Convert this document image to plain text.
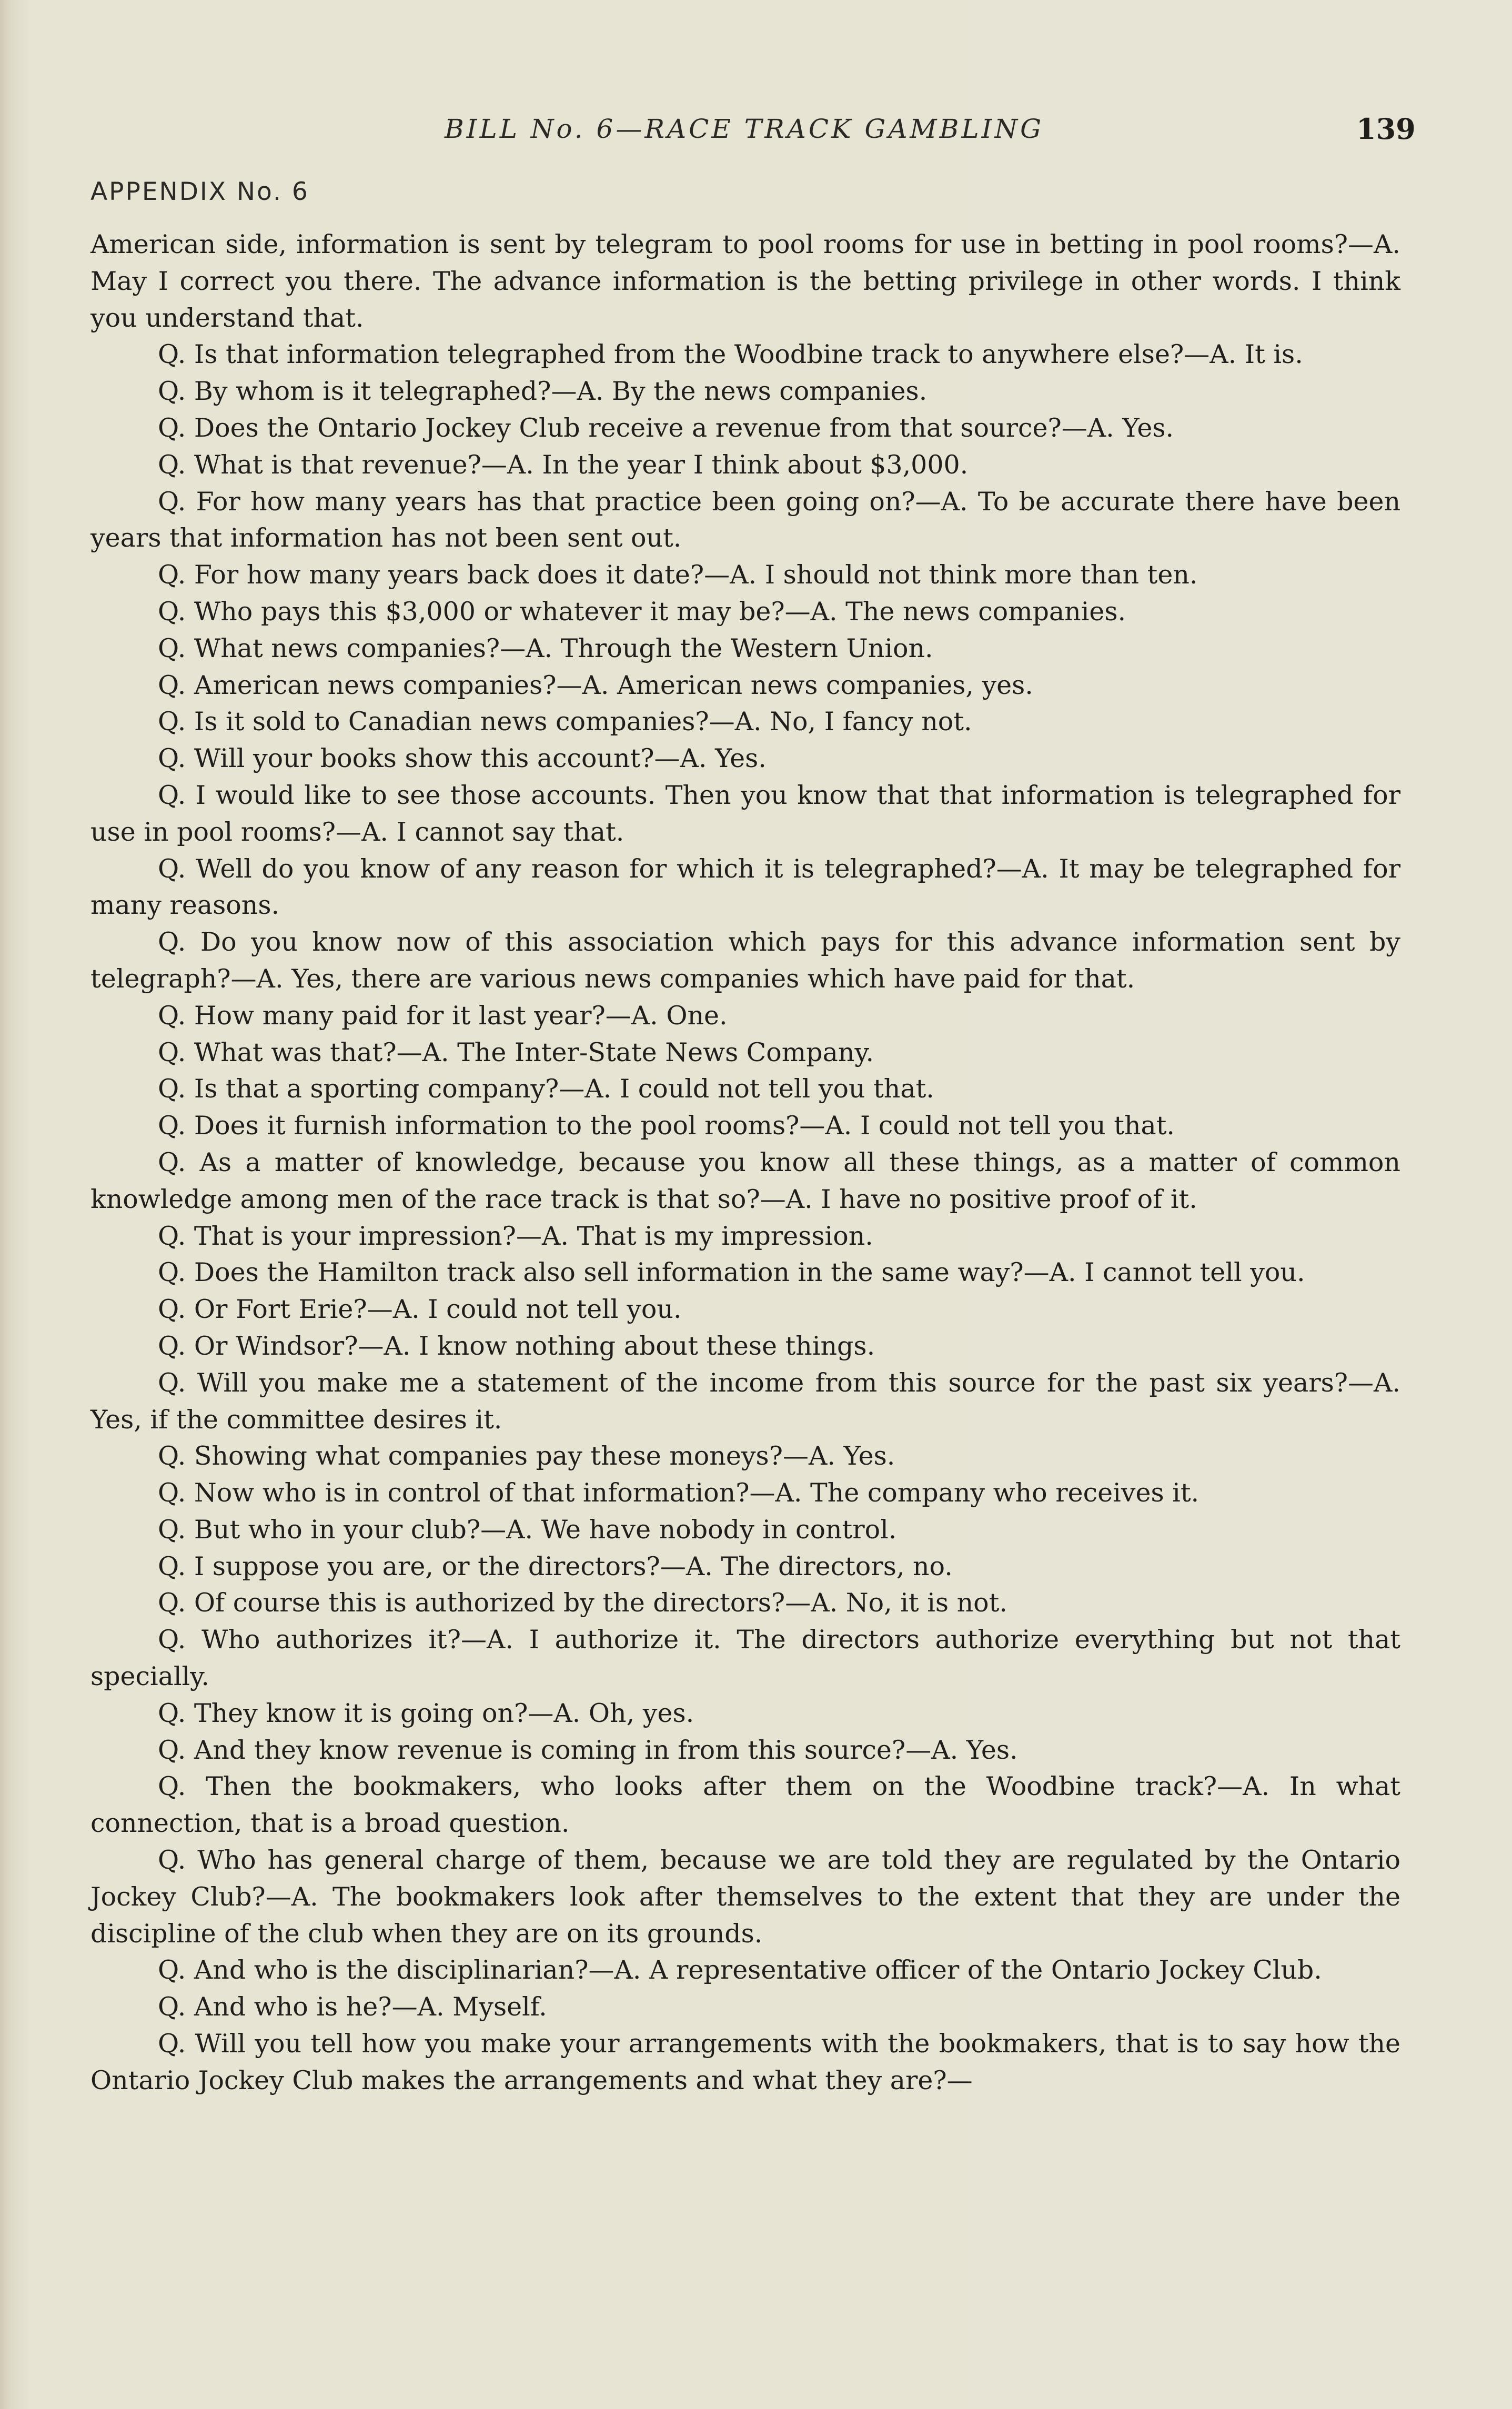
BILL No. 6—RACE TRACK GAMBLING	139
APPENDIX No. 6

American side, information is sent by telegram to pool rooms for use in betting in pool rooms?—A. May I correct you there. The advance information is the betting privilege in other words. I think you understand that.

Q. Is that information telegraphed from the Woodbine track to anywhere else?—A. It is.

Q. By whom is it telegraphed?—A. By the news companies.

Q. Does the Ontario Jockey Club receive a revenue from that source?—A. Yes.

Q. What is that revenue?—A. In the year I think about $3,000.

Q. For how many years has that practice been going on?—A. To be accurate there have been years that information has not been sent out.

Q. For how many years back does it date?—A. I should not think more than ten.

Q. Who pays this $3,000 or whatever it may be?—A. The news companies.

Q. What news companies?—A. Through the Western Union.

Q. American news companies?—A. American news companies, yes.

Q. Is it sold to Canadian news companies?—A. No, I fancy not.

Q. Will your books show this account?—A. Yes.

Q. I would like to see those accounts. Then you know that that information is telegraphed for use in pool rooms?—A. I cannot say that.

Q. Well do you know of any reason for which it is telegraphed?—A. It may be telegraphed for many reasons.

Q. Do you know now of this association which pays for this advance information sent by telegraph?—A. Yes, there are various news companies which have paid for that.

Q. How many paid for it last year?—A. One.

Q. What was that?—A. The Inter-State News Company.

Q. Is that a sporting company?—A. I could not tell you that.

Q. Does it furnish information to the pool rooms?—A. I could not tell you that.

Q. As a matter of knowledge, because you know all these things, as a matter of common knowledge among men of the race track is that so?—A. I have no positive proof of it.

Q. That is your impression?—A. That is my impression.

Q. Does the Hamilton track also sell information in the same way?—A. I cannot tell you.

Q. Or Fort Erie?—A. I could not tell you.

Q. Or Windsor?—A. I know nothing about these things.

Q. Will you make me a statement of the income from this source for the past six years?—A. Yes, if the committee desires it.

Q. Showing what companies pay these moneys?—A. Yes.

Q. Now who is in control of that information?—A. The company who receives it.

Q. But who in your club?—A. We have nobody in control.

Q. I suppose you are, or the directors?—A. The directors, no.

Q. Of course this is authorized by the directors?—A. No, it is not.

Q. Who authorizes it?—A. I authorize it. The directors authorize everything but not that specially.

Q. They know it is going on?—A. Oh, yes.

Q. And they know revenue is coming in from this source?—A. Yes.

Q. Then the bookmakers, who looks after them on the Woodbine track?—A. In what connection, that is a broad question.

Q. Who has general charge of them, because we are told they are regulated by the Ontario Jockey Club?—A. The bookmakers look after themselves to the extent that they are under the discipline of the club when they are on its grounds.

Q. And who is the disciplinarian?—A. A representative officer of the Ontario Jockey Club.

Q. And who is he?—A. Myself.

Q. Will you tell how you make your arrangements with the bookmakers, that is to say how the Ontario Jockey Club makes the arrangements and what they are?—
